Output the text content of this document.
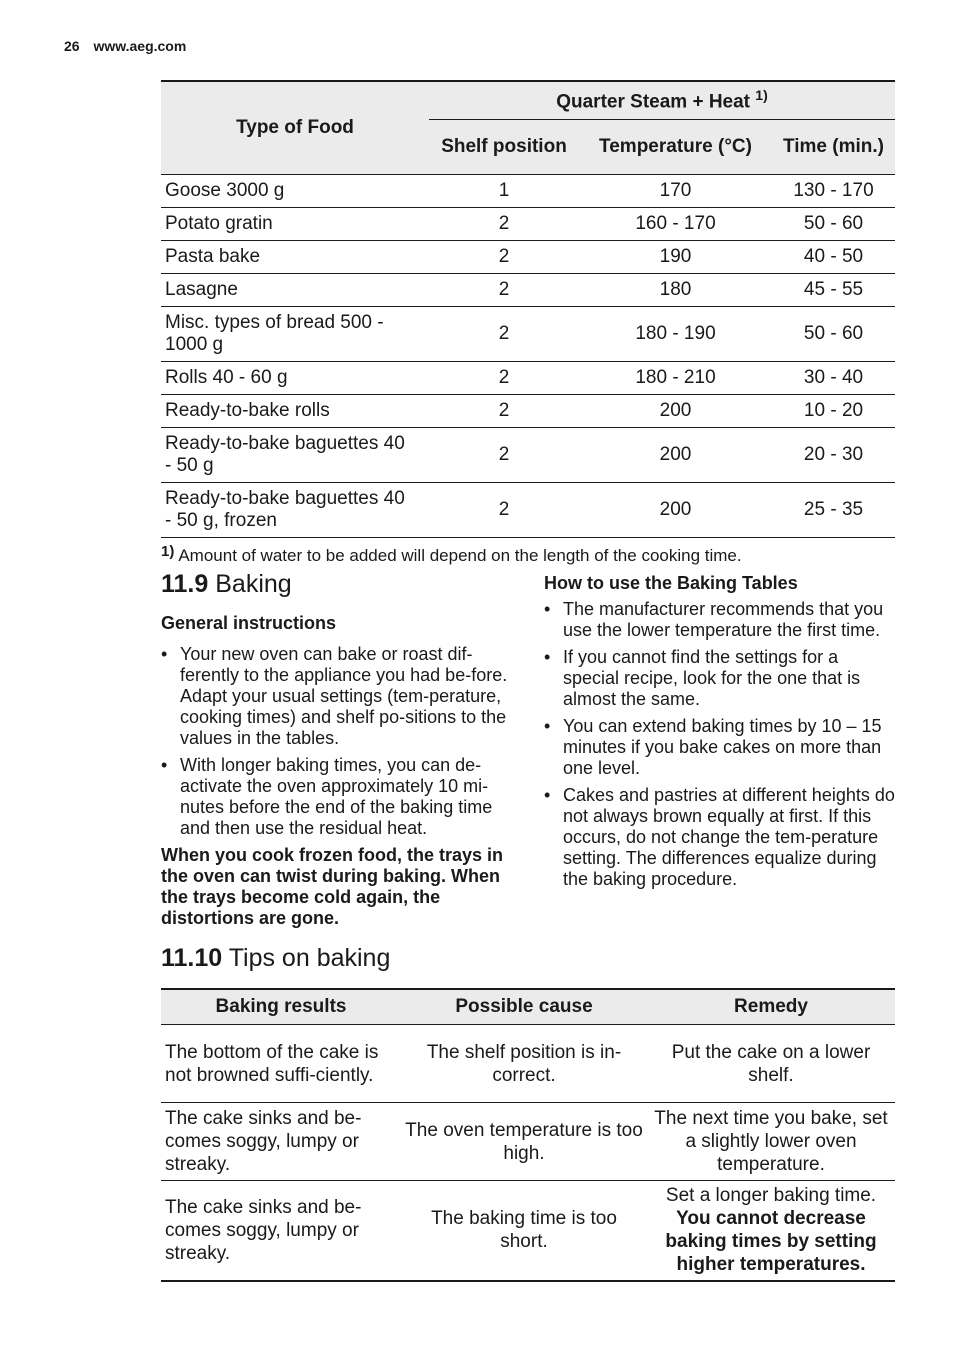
26 www.aeg.com
Type of Food	Quarter Steam + Heat $^{1)}$
	Shelf position	Temperature (°C)	Time (min.)
Goose 3000 g	1	170	130 - 170
Potato gratin	2	160 - 170	50 - 60
Pasta bake	2	190	40 - 50
Lasagne	2	180	45 - 55
Misc. types of bread 500 - 1000 g	2	180 - 190	50 - 60
Rolls 40 - 60 g	2	180 - 210	30 - 40
Ready-to-bake rolls	2	200	10 - 20
Ready-to-bake baguettes 40 - 50 g	2	200	20 - 30
Ready-to-bake baguettes 40 - 50 g, frozen	2	200	25 - 35
1) Amount of water to be added will depend on the length of the cooking time.
11.9 Baking
General instructions
• Your new oven can bake or roast dif-ferently to the appliance you had be-fore. Adapt your usual settings (tem-perature, cooking times) and shelf po-sitions to the values in the tables.
• With longer baking times, you can de-activate the oven approximately 10 mi-nutes before the end of the baking time and then use the residual heat.

When you cook frozen food, the trays in the oven can twist during baking. When the trays become cold again, the distortions are gone.

How to use the Baking Tables
• The manufacturer recommends that you use the lower temperature the first time.
• If you cannot find the settings for a special recipe, look for the one that is almost the same.
• You can extend baking times by 10 – 15 minutes if you bake cakes on more than one level.
• Cakes and pastries at different heights do not always brown equally at first. If this occurs, do not change the tem-perature setting. The differences equalize during the baking procedure.
11.10 Tips on baking
Baking results	Possible cause	Remedy
The bottom of the cake is not browned suffi-ciently.	The shelf position is in-correct.	Put the cake on a lower shelf.
The cake sinks and be-comes soggy, lumpy or streaky.	The oven temperature is too high.	The next time you bake, set a slightly lower oven temperature.
The cake sinks and be-comes soggy, lumpy or streaky.	The baking time is too short.	Set a longer baking time.
You cannot decrease baking times by setting higher temperatures.
